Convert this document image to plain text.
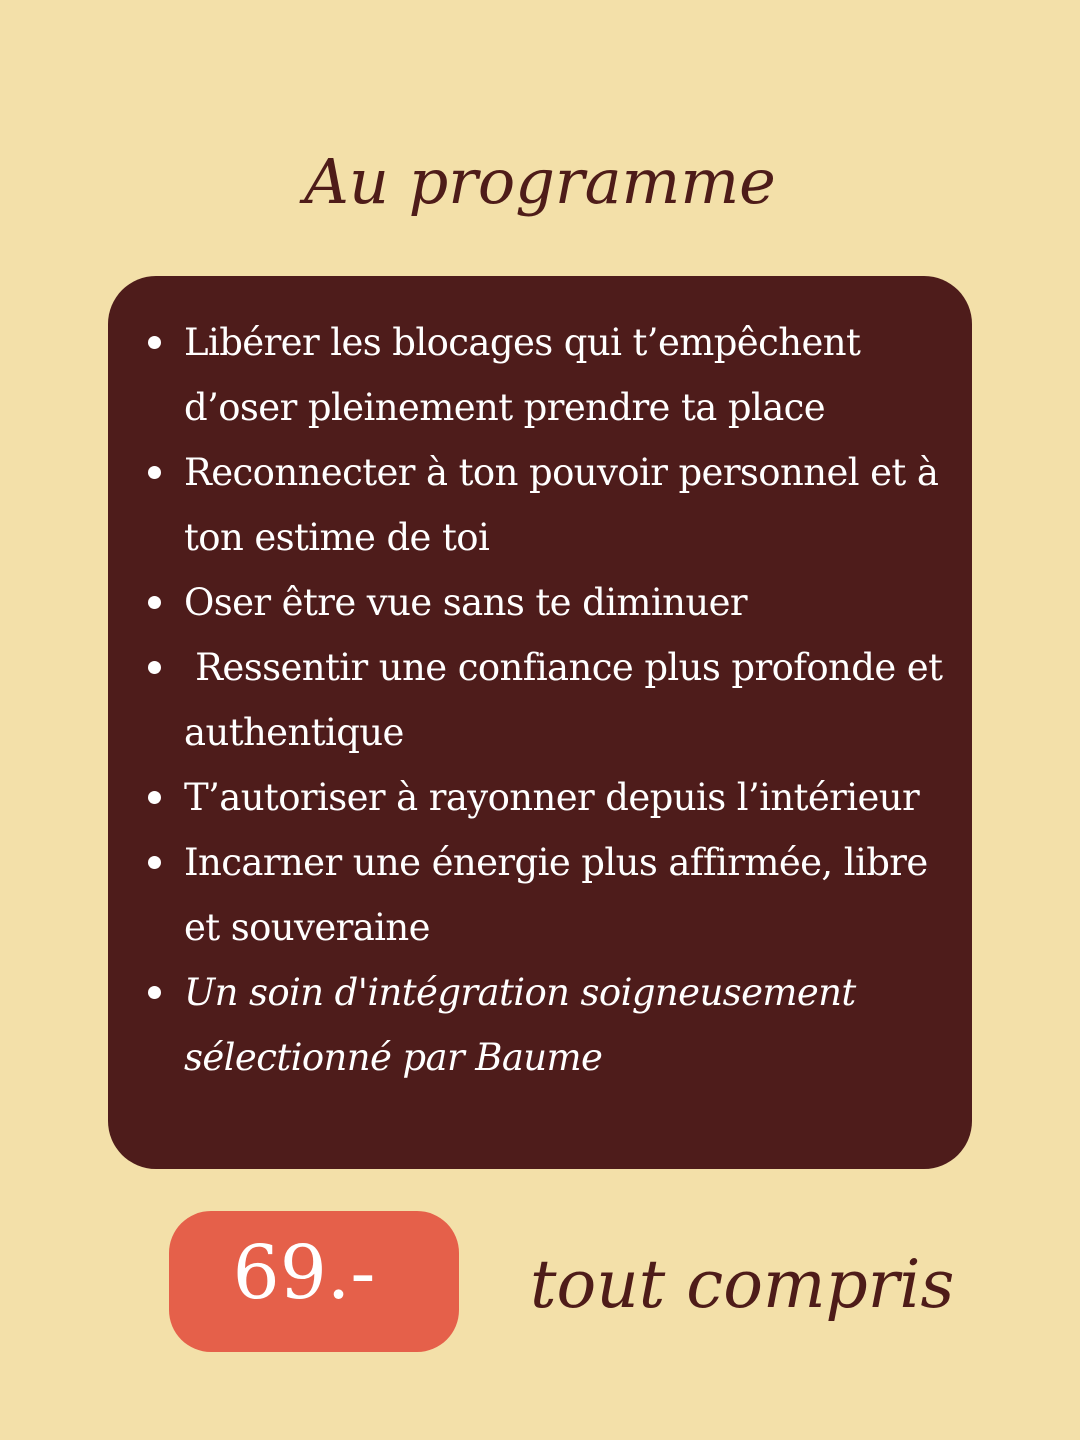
Au programme
Libérer les blocages qui t’empêchent d’oser pleinement prendre ta place
Reconnecter à ton pouvoir personnel et à ton estime de toi
Oser être vue sans te diminuer
Ressentir une confiance plus profonde et authentique
T’autoriser à rayonner depuis l’intérieur
Incarner une énergie plus affirmée, libre et souveraine
Un soin d'intégration soigneusement sélectionné par Baume
69.-	tout compris
